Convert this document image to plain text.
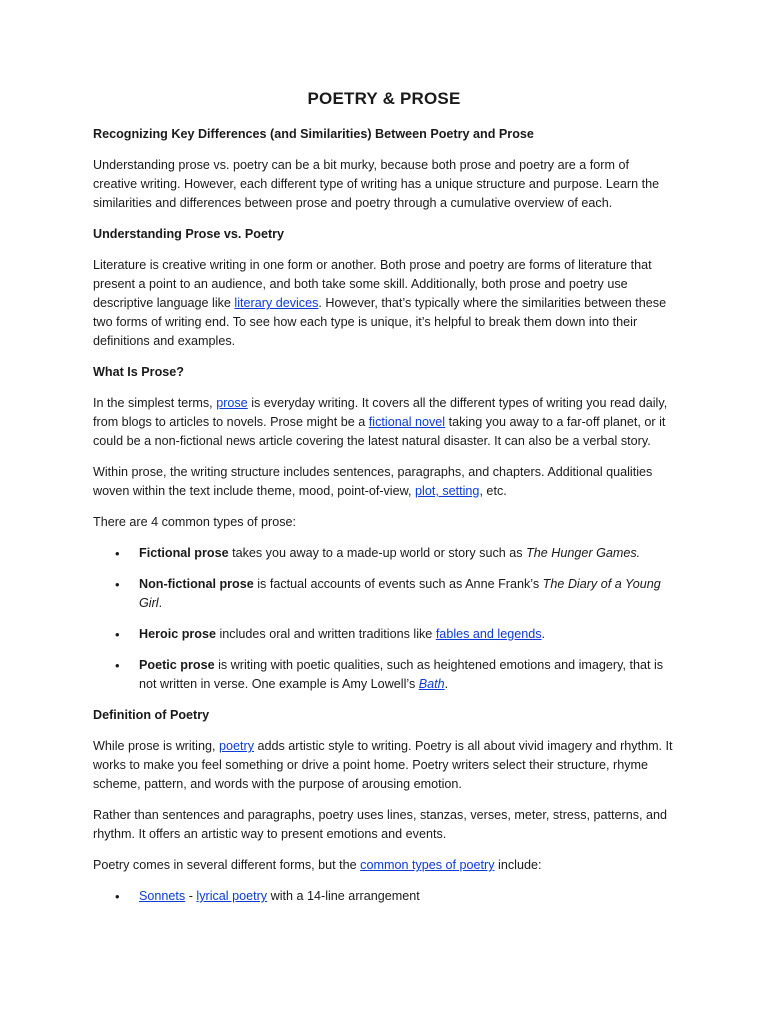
POETRY & PROSE
Recognizing Key Differences (and Similarities) Between Poetry and Prose

Understanding prose vs. poetry can be a bit murky, because both prose and poetry are a form of creative writing. However, each different type of writing has a unique structure and purpose. Learn the similarities and differences between prose and poetry through a cumulative overview of each.

Understanding Prose vs. Poetry

Literature is creative writing in one form or another. Both prose and poetry are forms of literature that present a point to an audience, and both take some skill. Additionally, both prose and poetry use descriptive language like literary devices. However, that’s typically where the similarities between these two forms of writing end. To see how each type is unique, it’s helpful to break them down into their definitions and examples.

What Is Prose?

In the simplest terms, prose is everyday writing. It covers all the different types of writing you read daily, from blogs to articles to novels. Prose might be a fictional novel taking you away to a far-off planet, or it could be a non-fictional news article covering the latest natural disaster. It can also be a verbal story.

Within prose, the writing structure includes sentences, paragraphs, and chapters. Additional qualities woven within the text include theme, mood, point-of-view, plot, setting, etc.

There are 4 common types of prose:

• Fictional prose takes you away to a made-up world or story such as The Hunger Games.
• Non-fictional prose is factual accounts of events such as Anne Frank’s The Diary of a Young Girl.
• Heroic prose includes oral and written traditions like fables and legends.
• Poetic prose is writing with poetic qualities, such as heightened emotions and imagery, that is not written in verse. One example is Amy Lowell’s Bath.
Definition of Poetry

While prose is writing, poetry adds artistic style to writing. Poetry is all about vivid imagery and rhythm. It works to make you feel something or drive a point home. Poetry writers select their structure, rhyme scheme, pattern, and words with the purpose of arousing emotion.

Rather than sentences and paragraphs, poetry uses lines, stanzas, verses, meter, stress, patterns, and rhythm. It offers an artistic way to present emotions and events.

Poetry comes in several different forms, but the common types of poetry include:

• Sonnets - lyrical poetry with a 14-line arrangement
